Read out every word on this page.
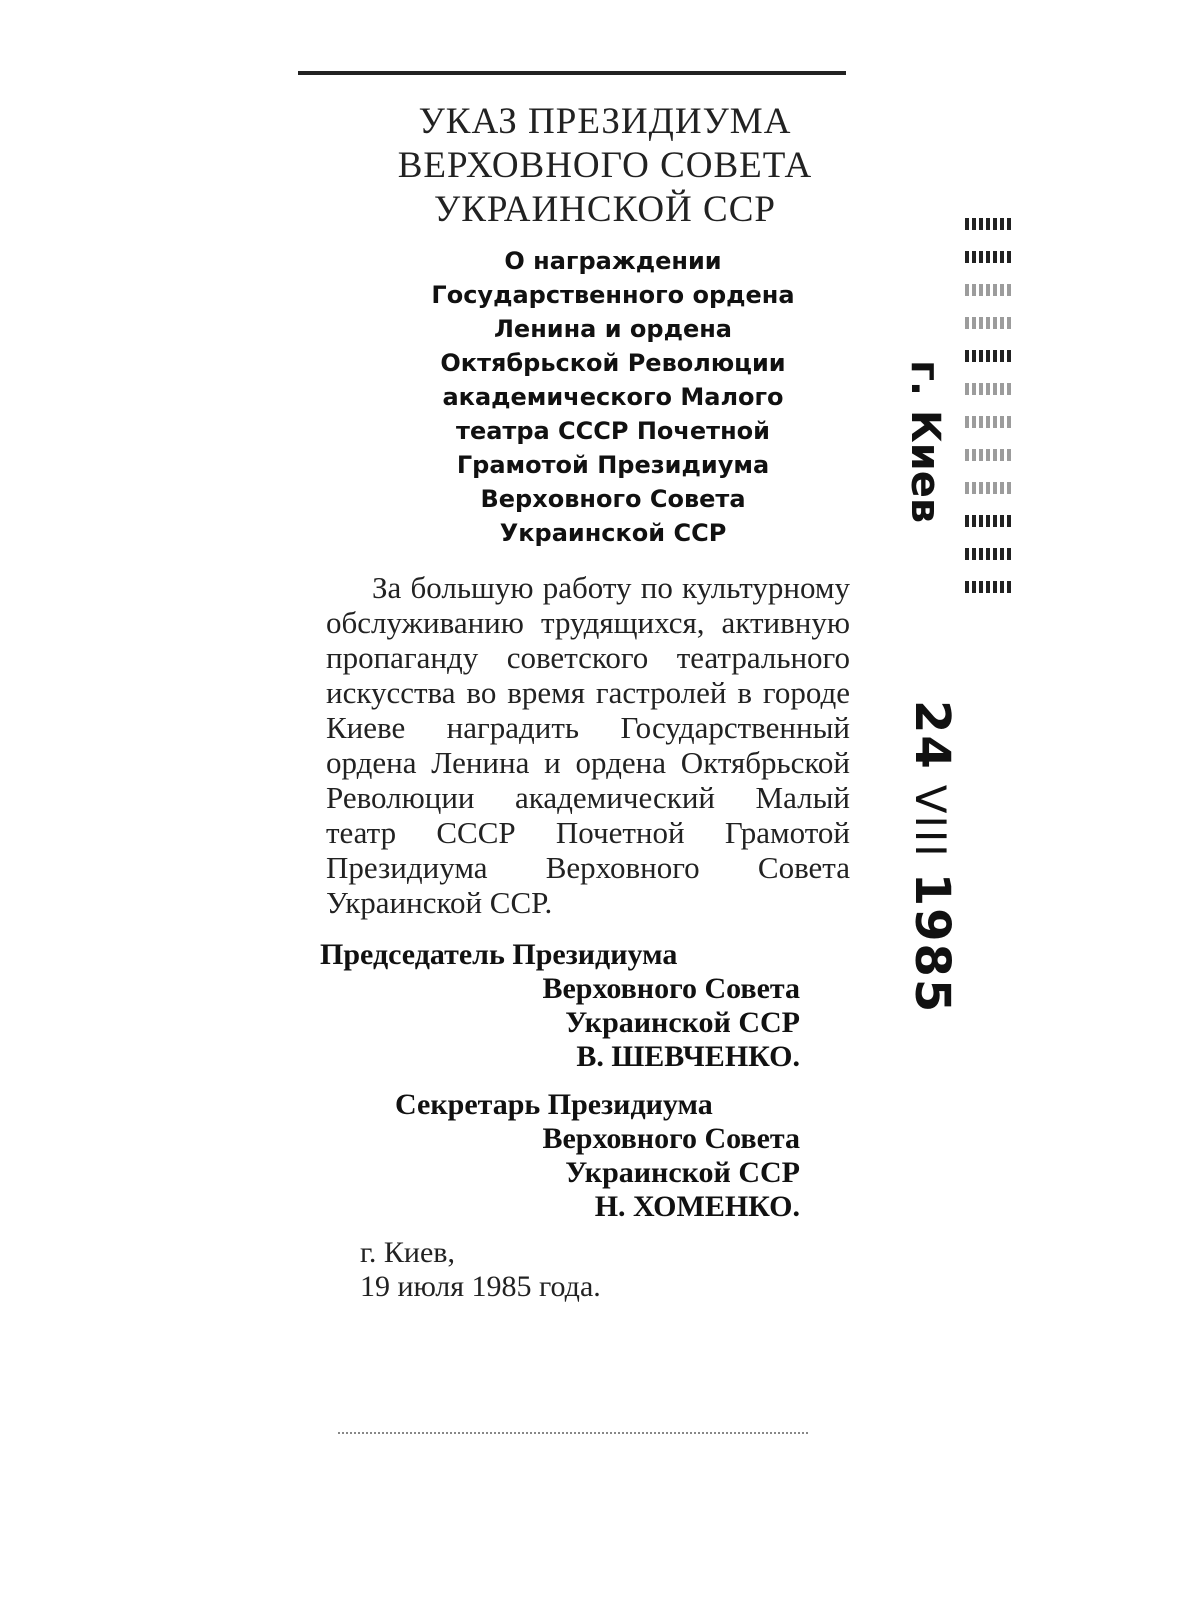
УКАЗ ПРЕЗИДИУМА
ВЕРХОВНОГО СОВЕТА
УКРАИНСКОЙ ССР
О награждении
Государственного ордена
Ленина и ордена
Октябрьской Революции
академического Малого
театра СССР Почетной
Грамотой Президиума
Верховного Совета
Украинской ССР
За большую работу по культурному обслуживанию трудящихся, активную пропаганду советского театрального искусства во время гастролей в городе Киеве наградить Государственный ордена Ленина и ордена Октябрьской Революции академический Малый театр СССР Почетной Грамотой Президиума Верховного Совета Украинской ССР.
Председатель Президиума
Верховного Совета
Украинской ССР
В. ШЕВЧЕНКО.
Секретарь Президиума
Верховного Совета
Украинской ССР
Н. ХОМЕНКО.
г. Киев,
19 июля 1985 года.
г. Киев
24VIII1985
